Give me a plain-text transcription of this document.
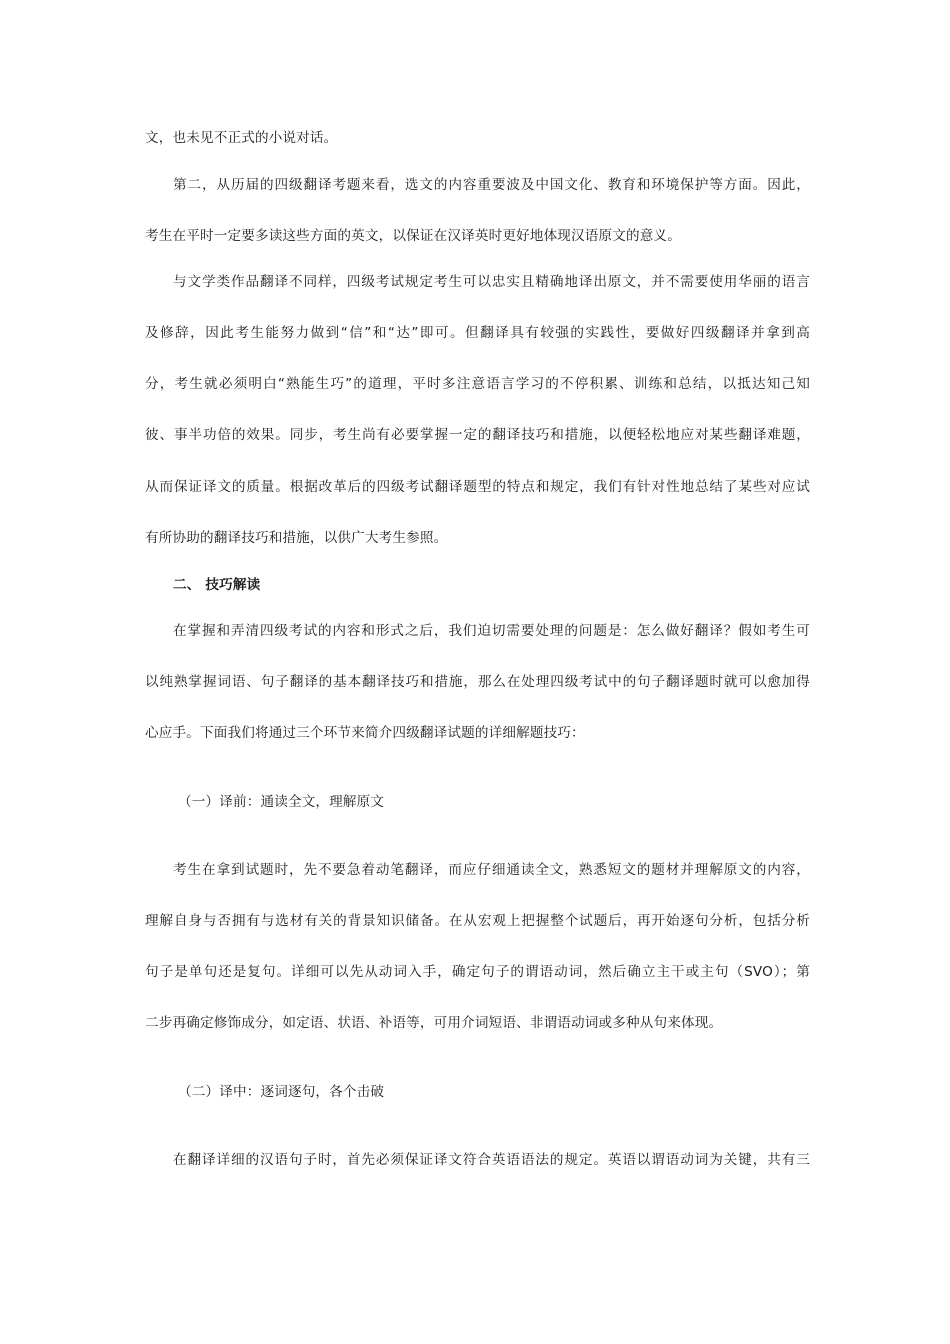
文，也未见不正式的小说对话。
第二，从历届的四级翻译考题来看，选文的内容重要波及中国文化、教育和环境保护等方面。因此，
考生在平时一定要多读这些方面的英文，以保证在汉译英时更好地体现汉语原文的意义。
与文学类作品翻译不同样，四级考试规定考生可以忠实且精确地译出原文，并不需要使用华丽的语言
及修辞，因此考生能努力做到“信”和“达”即可。但翻译具有较强的实践性，要做好四级翻译并拿到高
分，考生就必须明白“熟能生巧”的道理，平时多注意语言学习的不停积累、训练和总结，以抵达知己知
彼、事半功倍的效果。同步，考生尚有必要掌握一定的翻译技巧和措施，以便轻松地应对某些翻译难题，
从而保证译文的质量。根据改革后的四级考试翻译题型的特点和规定，我们有针对性地总结了某些对应试
有所协助的翻译技巧和措施，以供广大考生参照。
二、 技巧解读
在掌握和弄清四级考试的内容和形式之后，我们迫切需要处理的问题是：怎么做好翻译？假如考生可
以纯熟掌握词语、句子翻译的基本翻译技巧和措施，那么在处理四级考试中的句子翻译题时就可以愈加得
心应手。下面我们将通过三个环节来简介四级翻译试题的详细解题技巧：
（一）译前：通读全文，理解原文
考生在拿到试题时，先不要急着动笔翻译，而应仔细通读全文，熟悉短文的题材并理解原文的内容，
理解自身与否拥有与选材有关的背景知识储备。在从宏观上把握整个试题后，再开始逐句分析，包括分析
句子是单句还是复句。详细可以先从动词入手，确定句子的谓语动词，然后确立主干或主句（SVO）；第
二步再确定修饰成分，如定语、状语、补语等，可用介词短语、非谓语动词或多种从句来体现。
（二）译中：逐词逐句，各个击破
在翻译详细的汉语句子时，首先必须保证译文符合英语语法的规定。英语以谓语动词为关键，共有三
